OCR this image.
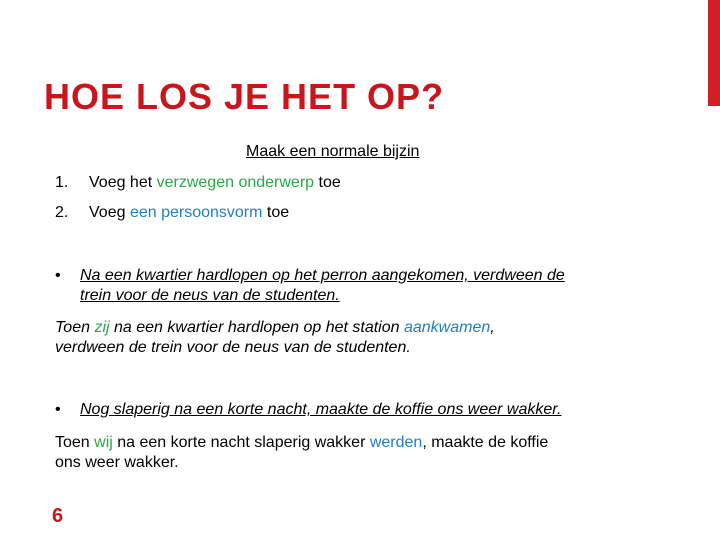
HOE LOS JE HET OP?
Maak een normale bijzin
1. Voeg het verzwegen onderwerp toe
2. Voeg een persoonsvorm toe
• Na een kwartier hardlopen op het perron aangekomen, verdween de
trein voor de neus van de studenten.
Toen zij na een kwartier hardlopen op het station aankwamen,
verdween de trein voor de neus van de studenten.
• Nog slaperig na een korte nacht, maakte de koffie ons weer wakker.
Toen wij na een korte nacht slaperig wakker werden, maakte de koffie
ons weer wakker.
6
